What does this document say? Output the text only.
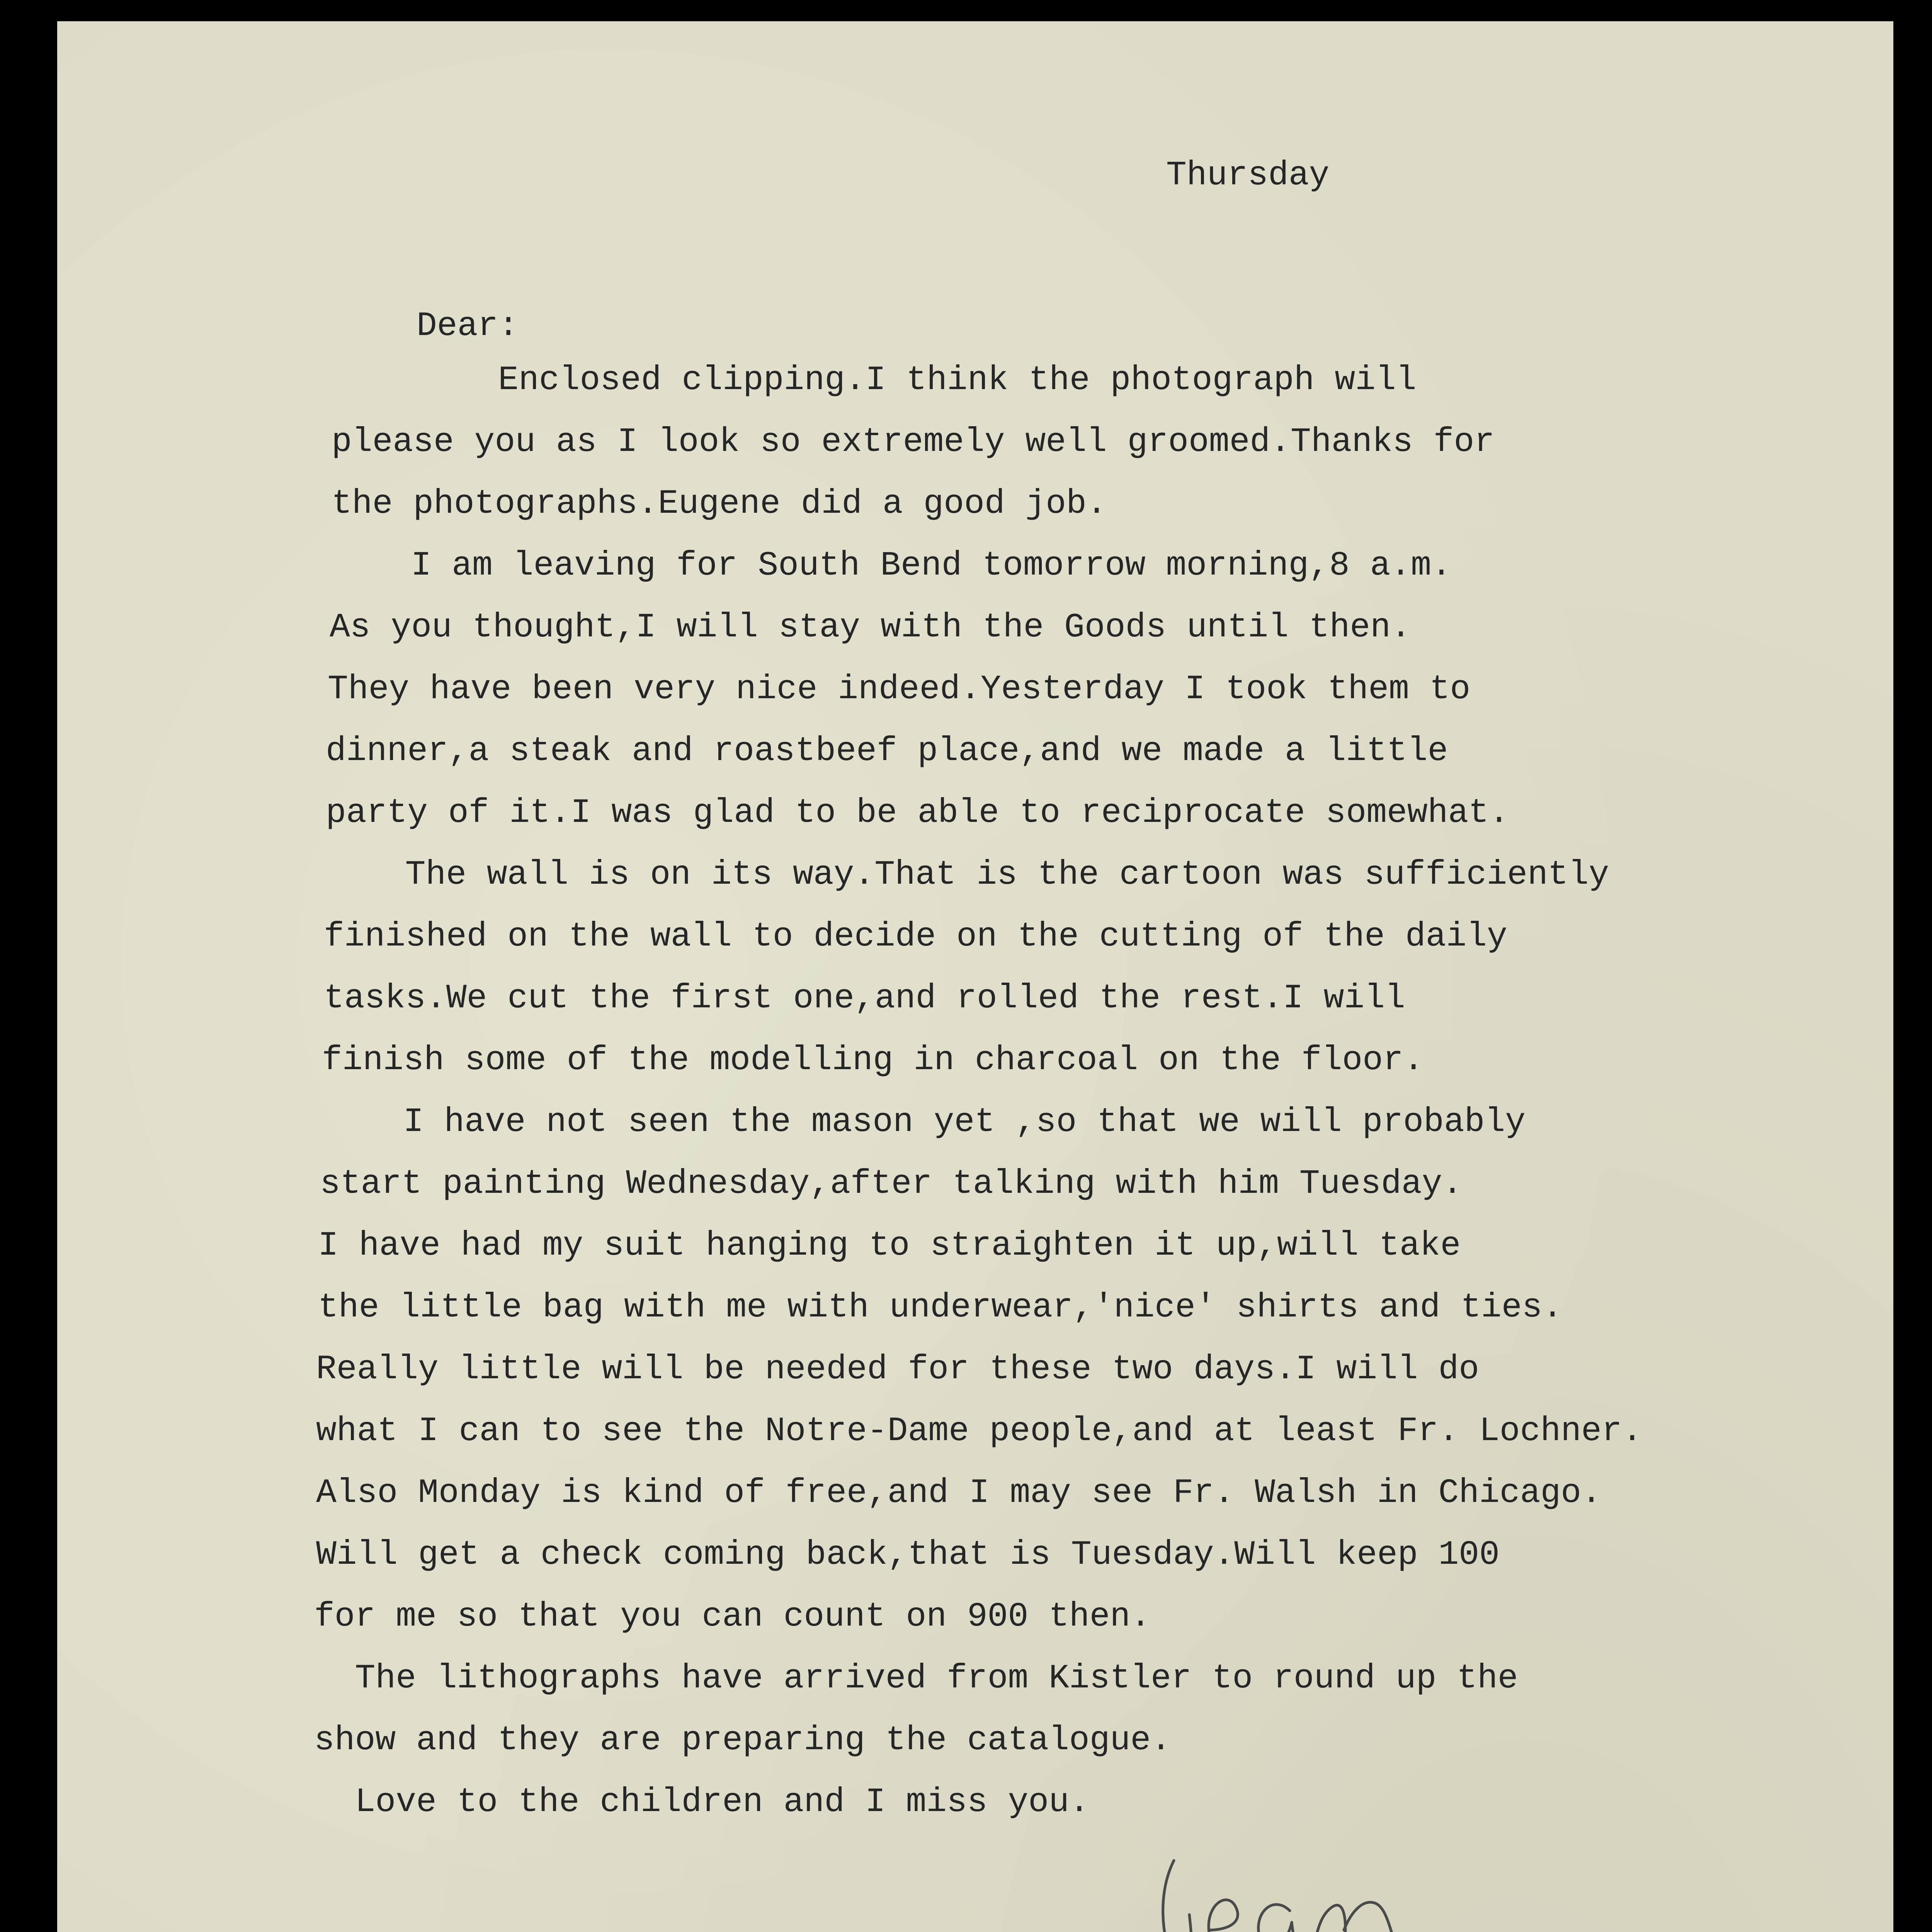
Thursday

Dear:

Enclosed clipping.I think the photograph will

please you as I look so extremely well groomed.Thanks for

the photographs.Eugene did a good job.

I am leaving for South Bend tomorrow morning,8 a.m.

As you thought,I will stay with the Goods until then.

They have been very nice indeed.Yesterday I took them to

dinner,a steak and roastbeef place,and we made a little

party of it.I was glad to be able to reciprocate somewhat.

The wall is on its way.That is the cartoon was sufficiently

finished on the wall to decide on the cutting of the daily

tasks.We cut the first one,and rolled the rest.I will

finish some of the modelling in charcoal on the floor.

I have not seen the mason yet ,so that we will probably

start painting Wednesday,after talking with him Tuesday.

I have had my suit hanging to straighten it up,will take

the little bag with me with underwear,'nice' shirts and ties.

Really little will be needed for these two days.I will do

what I can to see the Notre-Dame people,and at least Fr. Lochner.

Also Monday is kind of free,and I may see Fr. Walsh in Chicago.

Will get a check coming back,that is Tuesday.Will keep 100

for me so that you can count on 900 then.

The lithographs have arrived from Kistler to round up the

show and they are preparing the catalogue.

Love to the children and I miss you.
